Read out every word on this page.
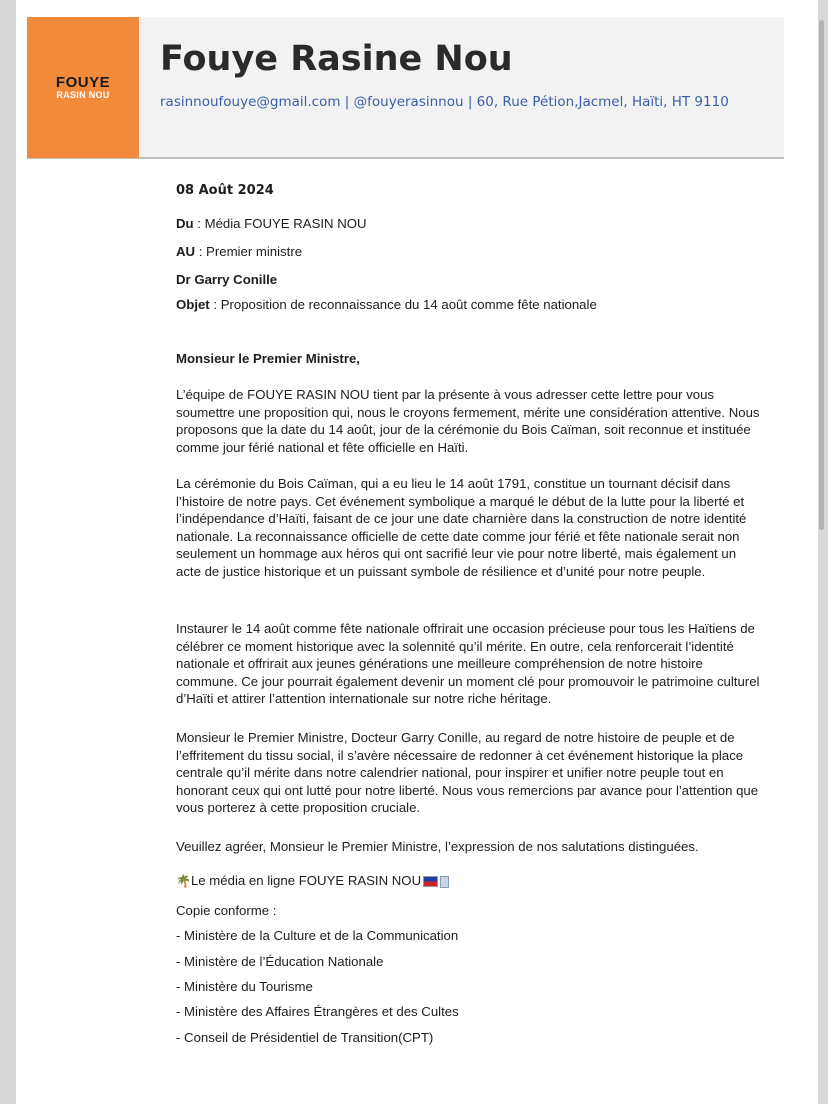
FOUYE
RASIN NOU
Fouye Rasine Nou
rasinnoufouye@gmail.com | @fouyerasinnou | 60, Rue Pétion,Jacmel, Haïti, HT 9110
08 Août 2024
Du : Média FOUYE RASIN NOU
AU : Premier ministre
Dr Garry Conille
Objet : Proposition de reconnaissance du 14 août comme fête nationale
Monsieur le Premier Ministre,

L’équipe de FOUYE RASIN NOU tient par la présente à vous adresser cette lettre pour vous soumettre une proposition qui, nous le croyons fermement, mérite une considération attentive. Nous proposons que la date du 14 août, jour de la cérémonie du Bois Caïman, soit reconnue et instituée comme jour férié national et fête officielle en Haïti.

La cérémonie du Bois Caïman, qui a eu lieu le 14 août 1791, constitue un tournant décisif dans l’histoire de notre pays. Cet événement symbolique a marqué le début de la lutte pour la liberté et l’indépendance d’Haïti, faisant de ce jour une date charnière dans la construction de notre identité nationale. La reconnaissance officielle de cette date comme jour férié et fête nationale serait non seulement un hommage aux héros qui ont sacrifié leur vie pour notre liberté, mais également un acte de justice historique et un puissant symbole de résilience et d’unité pour notre peuple.

Instaurer le 14 août comme fête nationale offrirait une occasion précieuse pour tous les Haïtiens de célébrer ce moment historique avec la solennité qu’il mérite. En outre, cela renforcerait l’identité nationale et offrirait aux jeunes générations une meilleure compréhension de notre histoire commune. Ce jour pourrait également devenir un moment clé pour promouvoir le patrimoine culturel d’Haïti et attirer l’attention internationale sur notre riche héritage.

Monsieur le Premier Ministre, Docteur Garry Conille, au regard de notre histoire de peuple et de l’effritement du tissu social, il s’avère nécessaire de redonner à cet événement historique la place centrale qu’il mérite dans notre calendrier national, pour inspirer et unifier notre peuple tout en honorant ceux qui ont lutté pour notre liberté. Nous vous remercions par avance pour l’attention que vous porterez à cette proposition cruciale.

Veuillez agréer, Monsieur le Premier Ministre, l’expression de nos salutations distinguées.

🌴Le média en ligne FOUYE RASIN NOU
Copie conforme :
- Ministère de la Culture et de la Communication
- Ministère de l’Éducation Nationale
- Ministère du Tourisme
- Ministère des Affaires Étrangères et des Cultes
- Conseil de Présidentiel de Transition(CPT)
